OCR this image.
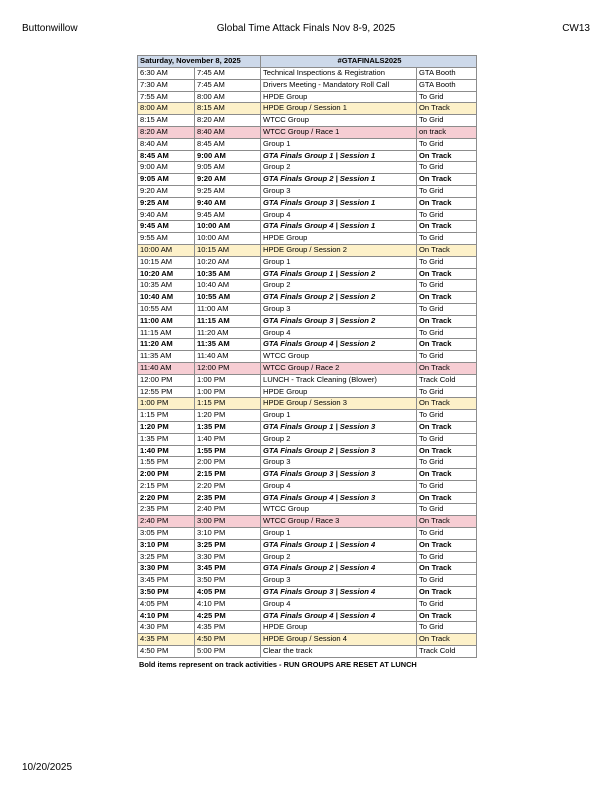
Buttonwillow	Global Time Attack Finals Nov 8-9, 2025	CW13
Saturday, November 8, 2025		#GTAFINALS2025	
6:30 AM	7:45 AM	Technical Inspections & Registration	GTA Booth
7:30 AM	7:45 AM	Drivers Meeting - Mandatory Roll Call	GTA Booth
7:55 AM	8:00 AM	HPDE Group	To Grid
8:00 AM	8:15 AM	HPDE Group / Session 1	On Track
8:15 AM	8:20 AM	WTCC Group	To Grid
8:20 AM	8:40 AM	WTCC Group / Race 1	on track
8:40 AM	8:45 AM	Group 1	To Grid
8:45 AM	9:00 AM	GTA Finals Group 1 | Session 1	On Track
9:00 AM	9:05 AM	Group 2	To Grid
9:05 AM	9:20 AM	GTA Finals Group 2 | Session 1	On Track
9:20 AM	9:25 AM	Group 3	To Grid
9:25 AM	9:40 AM	GTA Finals Group 3 | Session 1	On Track
9:40 AM	9:45 AM	Group 4	To Grid
9:45 AM	10:00 AM	GTA Finals Group 4 | Session 1	On Track
9:55 AM	10:00 AM	HPDE Group	To Grid
10:00 AM	10:15 AM	HPDE Group / Session 2	On Track
10:15 AM	10:20 AM	Group 1	To Grid
10:20 AM	10:35 AM	GTA Finals Group 1 | Session 2	On Track
10:35 AM	10:40 AM	Group 2	To Grid
10:40 AM	10:55 AM	GTA Finals Group 2 | Session 2	On Track
10:55 AM	11:00 AM	Group 3	To Grid
11:00 AM	11:15 AM	GTA Finals Group 3 | Session 2	On Track
11:15 AM	11:20 AM	Group 4	To Grid
11:20 AM	11:35 AM	GTA Finals Group 4 | Session 2	On Track
11:35 AM	11:40 AM	WTCC Group	To Grid
11:40 AM	12:00 PM	WTCC Group / Race 2	On Track
12:00 PM	1:00 PM	LUNCH - Track Cleaning (Blower)	Track Cold
12:55 PM	1:00 PM	HPDE Group	To Grid
1:00 PM	1:15 PM	HPDE Group / Session 3	On Track
1:15 PM	1:20 PM	Group 1	To Grid
1:20 PM	1:35 PM	GTA Finals Group 1 | Session 3	On Track
1:35 PM	1:40 PM	Group 2	To Grid
1:40 PM	1:55 PM	GTA Finals Group 2 | Session 3	On Track
1:55 PM	2:00 PM	Group 3	To Grid
2:00 PM	2:15 PM	GTA Finals Group 3 | Session 3	On Track
2:15 PM	2:20 PM	Group 4	To Grid
2:20 PM	2:35 PM	GTA Finals Group 4 | Session 3	On Track
2:35 PM	2:40 PM	WTCC Group	To Grid
2:40 PM	3:00 PM	WTCC Group / Race 3	On Track
3:05 PM	3:10 PM	Group 1	To Grid
3:10 PM	3:25 PM	GTA Finals Group 1 | Session 4	On Track
3:25 PM	3:30 PM	Group 2	To Grid
3:30 PM	3:45 PM	GTA Finals Group 2 | Session 4	On Track
3:45 PM	3:50 PM	Group 3	To Grid
3:50 PM	4:05 PM	GTA Finals Group 3 | Session 4	On Track
4:05 PM	4:10 PM	Group 4	To Grid
4:10 PM	4:25 PM	GTA Finals Group 4 | Session 4	On Track
4:30 PM	4:35 PM	HPDE Group	To Grid
4:35 PM	4:50 PM	HPDE Group / Session 4	On Track
4:50 PM	5:00 PM	Clear the track	Track Cold
Bold items represent on track activities - RUN GROUPS ARE RESET AT LUNCH
10/20/2025
